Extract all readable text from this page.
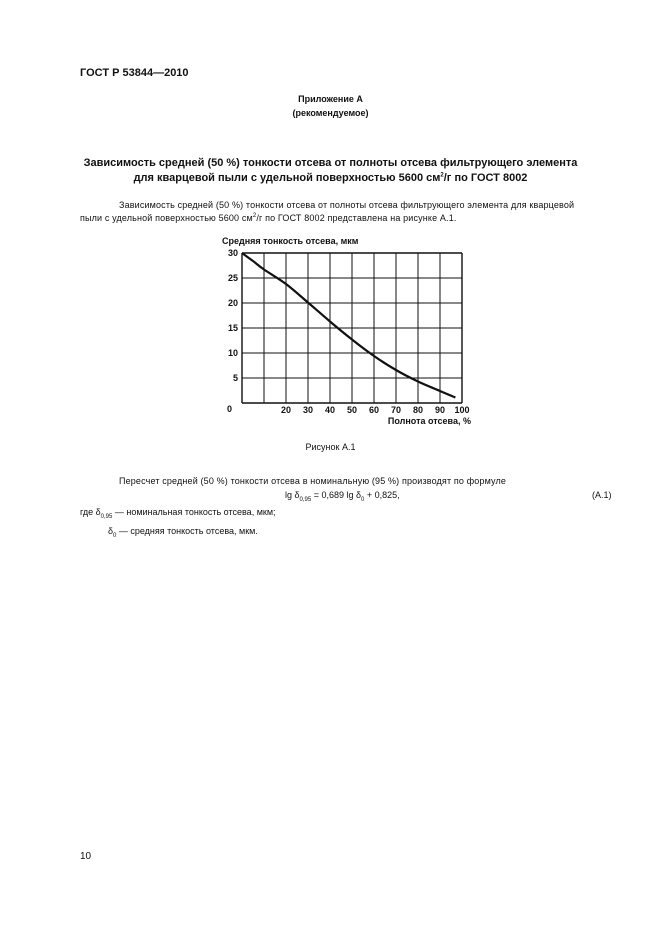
ГОСТ Р 53844—2010
Приложение А
(рекомендуемое)
Зависимость средней (50 %) тонкости отсева от полноты отсева фильтрующего элемента
для кварцевой пыли с удельной поверхностью 5600 $см^2/г$ по ГОСТ 8002
Зависимость средней (50 %) тонкости отсева от полноты отсева фильтрующего элемента для кварцевой
пыли с удельной поверхностью 5600 $см^2/г$ по ГОСТ 8002 представлена на рисунке А.1.
Средняя тонкость отсева, мкм
5
10
15
20
25
30
20 30 40 50 60 70 80 90 100
0
Полнота отсева, %
Рисунок А.1
Пересчет средней (50 %) тонкости отсева в номинальную (95 %) производят по формуле
$\lg \delta_{0,95} = 0,689$ $\lg \delta_0 + 0,825$,	(А.1)
где $\delta_{0,95}$ — номинальная тонкость отсева, мкм;
$\delta_0$ — средняя тонкость отсева, мкм.
10
